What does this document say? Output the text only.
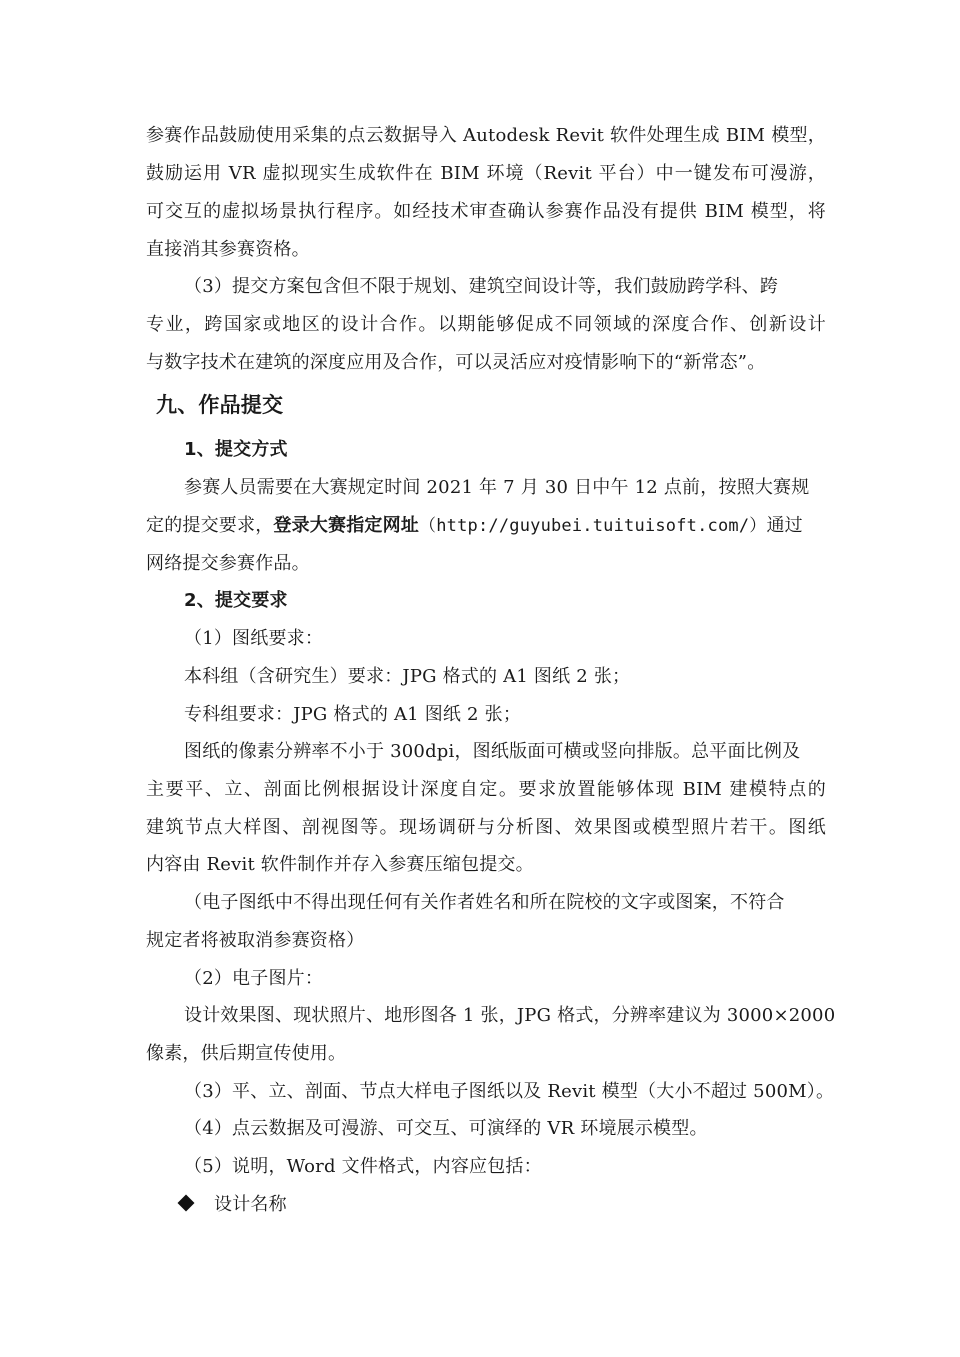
参赛作品鼓励使用采集的点云数据导入 Autodesk Revit 软件处理生成 BIM 模型，
鼓励运用 VR 虚拟现实生成软件在 BIM 环境（Revit 平台）中一键发布可漫游，
可交互的虚拟场景执行程序。如经技术审查确认参赛作品没有提供 BIM 模型，将
直接消其参赛资格。
（3）提交方案包含但不限于规划、建筑空间设计等，我们鼓励跨学科、跨
专业，跨国家或地区的设计合作。以期能够促成不同领域的深度合作、创新设计
与数字技术在建筑的深度应用及合作，可以灵活应对疫情影响下的“新常态”。
九、作品提交
1、提交方式
参赛人员需要在大赛规定时间 2021 年 7 月 30 日中午 12 点前，按照大赛规
定的提交要求，登录大赛指定网址（http://guyubei.tuituisoft.com/）通过
网络提交参赛作品。
2、提交要求
（1）图纸要求：
本科组（含研究生）要求：JPG 格式的 A1 图纸 2 张；
专科组要求：JPG 格式的 A1 图纸 2 张；
图纸的像素分辨率不小于 300dpi，图纸版面可横或竖向排版。总平面比例及
主要平、立、剖面比例根据设计深度自定。要求放置能够体现 BIM 建模特点的
建筑节点大样图、剖视图等。现场调研与分析图、效果图或模型照片若干。图纸
内容由 Revit 软件制作并存入参赛压缩包提交。
（电子图纸中不得出现任何有关作者姓名和所在院校的文字或图案，不符合
规定者将被取消参赛资格）
（2）电子图片：
设计效果图、现状照片、地形图各 1 张，JPG 格式，分辨率建议为 3000×2000
像素，供后期宣传使用。
（3）平、立、剖面、节点大样电子图纸以及 Revit 模型（大小不超过 500M）。
（4）点云数据及可漫游、可交互、可演绎的 VR 环境展示模型。
（5）说明，Word 文件格式，内容应包括：
设计名称
